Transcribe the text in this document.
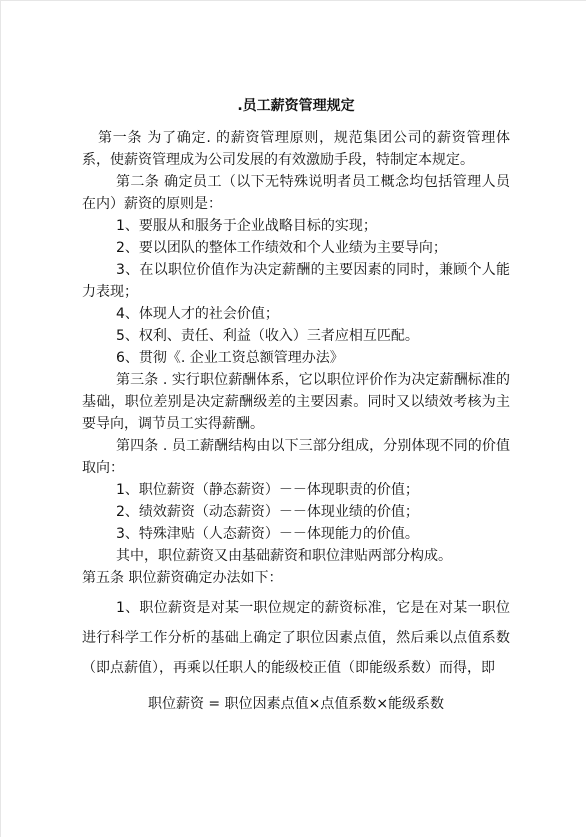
.员工薪资管理规定

第一条 为了确定. 的薪资管理原则，规范集团公司的薪资管理体系，使薪资管理成为公司发展的有效激励手段，特制定本规定。

第二条 确定员工（以下无特殊说明者员工概念均包括管理人员在内）薪资的原则是：

1、要服从和服务于企业战略目标的实现；

2、要以团队的整体工作绩效和个人业绩为主要导向；

3、在以职位价值作为决定薪酬的主要因素的同时，兼顾个人能力表现；

4、体现人才的社会价值；

5、权利、责任、利益（收入）三者应相互匹配。

6、贯彻《. 企业工资总额管理办法》

第三条 . 实行职位薪酬体系，它以职位评价作为决定薪酬标准的基础，职位差别是决定薪酬级差的主要因素。同时又以绩效考核为主要导向，调节员工实得薪酬。

第四条 . 员工薪酬结构由以下三部分组成，分别体现不同的价值取向：

1、职位薪资（静态薪资）－－体现职责的价值；

2、绩效薪资（动态薪资）－－体现业绩的价值；

3、特殊津贴（人态薪资）－－体现能力的价值。

其中，职位薪资又由基础薪资和职位津贴两部分构成。

第五条 职位薪资确定办法如下：

1、职位薪资是对某一职位规定的薪资标准，它是在对某一职位进行科学工作分析的基础上确定了职位因素点值，然后乘以点值系数（即点薪值），再乘以任职人的能级校正值（即能级系数）而得，即

职位薪资 = 职位因素点值×点值系数×能级系数
